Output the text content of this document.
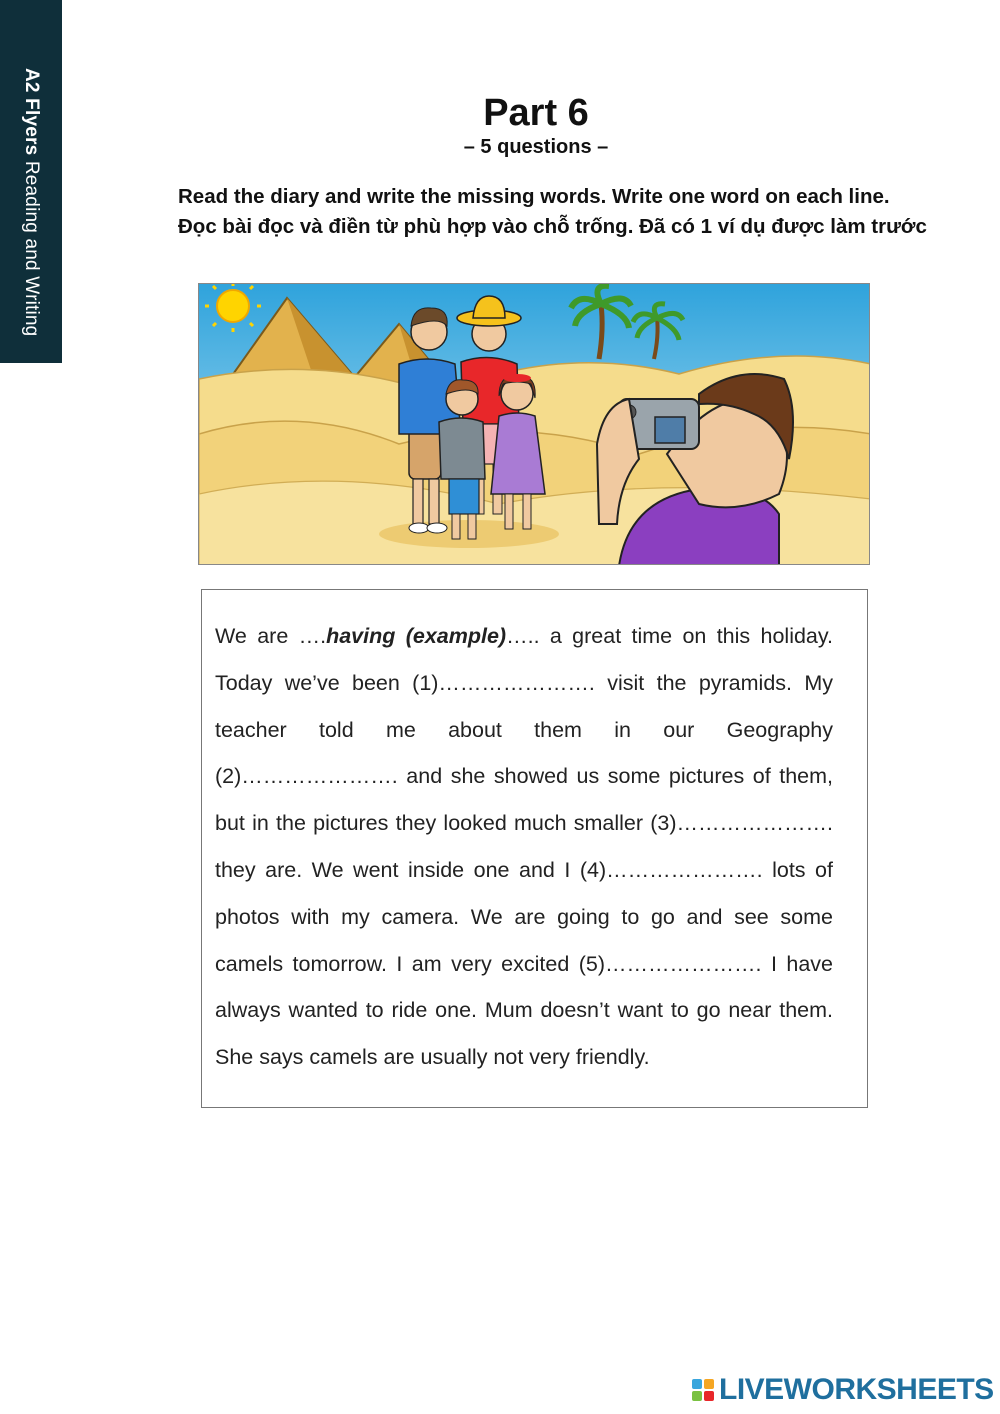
A2 Flyers Reading and Writing
Part 6
– 5 questions –
Read the diary and write the missing words. Write one word on each line.
Đọc bài đọc và điền từ phù hợp vào chỗ trống. Đã có 1 ví dụ được làm trước

We are ….having (example)….. a great time on this holiday. Today we’ve been (1)…………………. visit the pyramids. My teacher told me about them in our Geography (2)…………………. and she showed us some pictures of them, but in the pictures they looked much smaller (3)…………………. they are. We went inside one and I (4)…………………. lots of photos with my camera. We are going to go and see some camels tomorrow. I am very excited (5)…………………. I have always wanted to ride one. Mum doesn’t want to go near them. She says camels are usually not very friendly.

LIVEWORKSHEETS
